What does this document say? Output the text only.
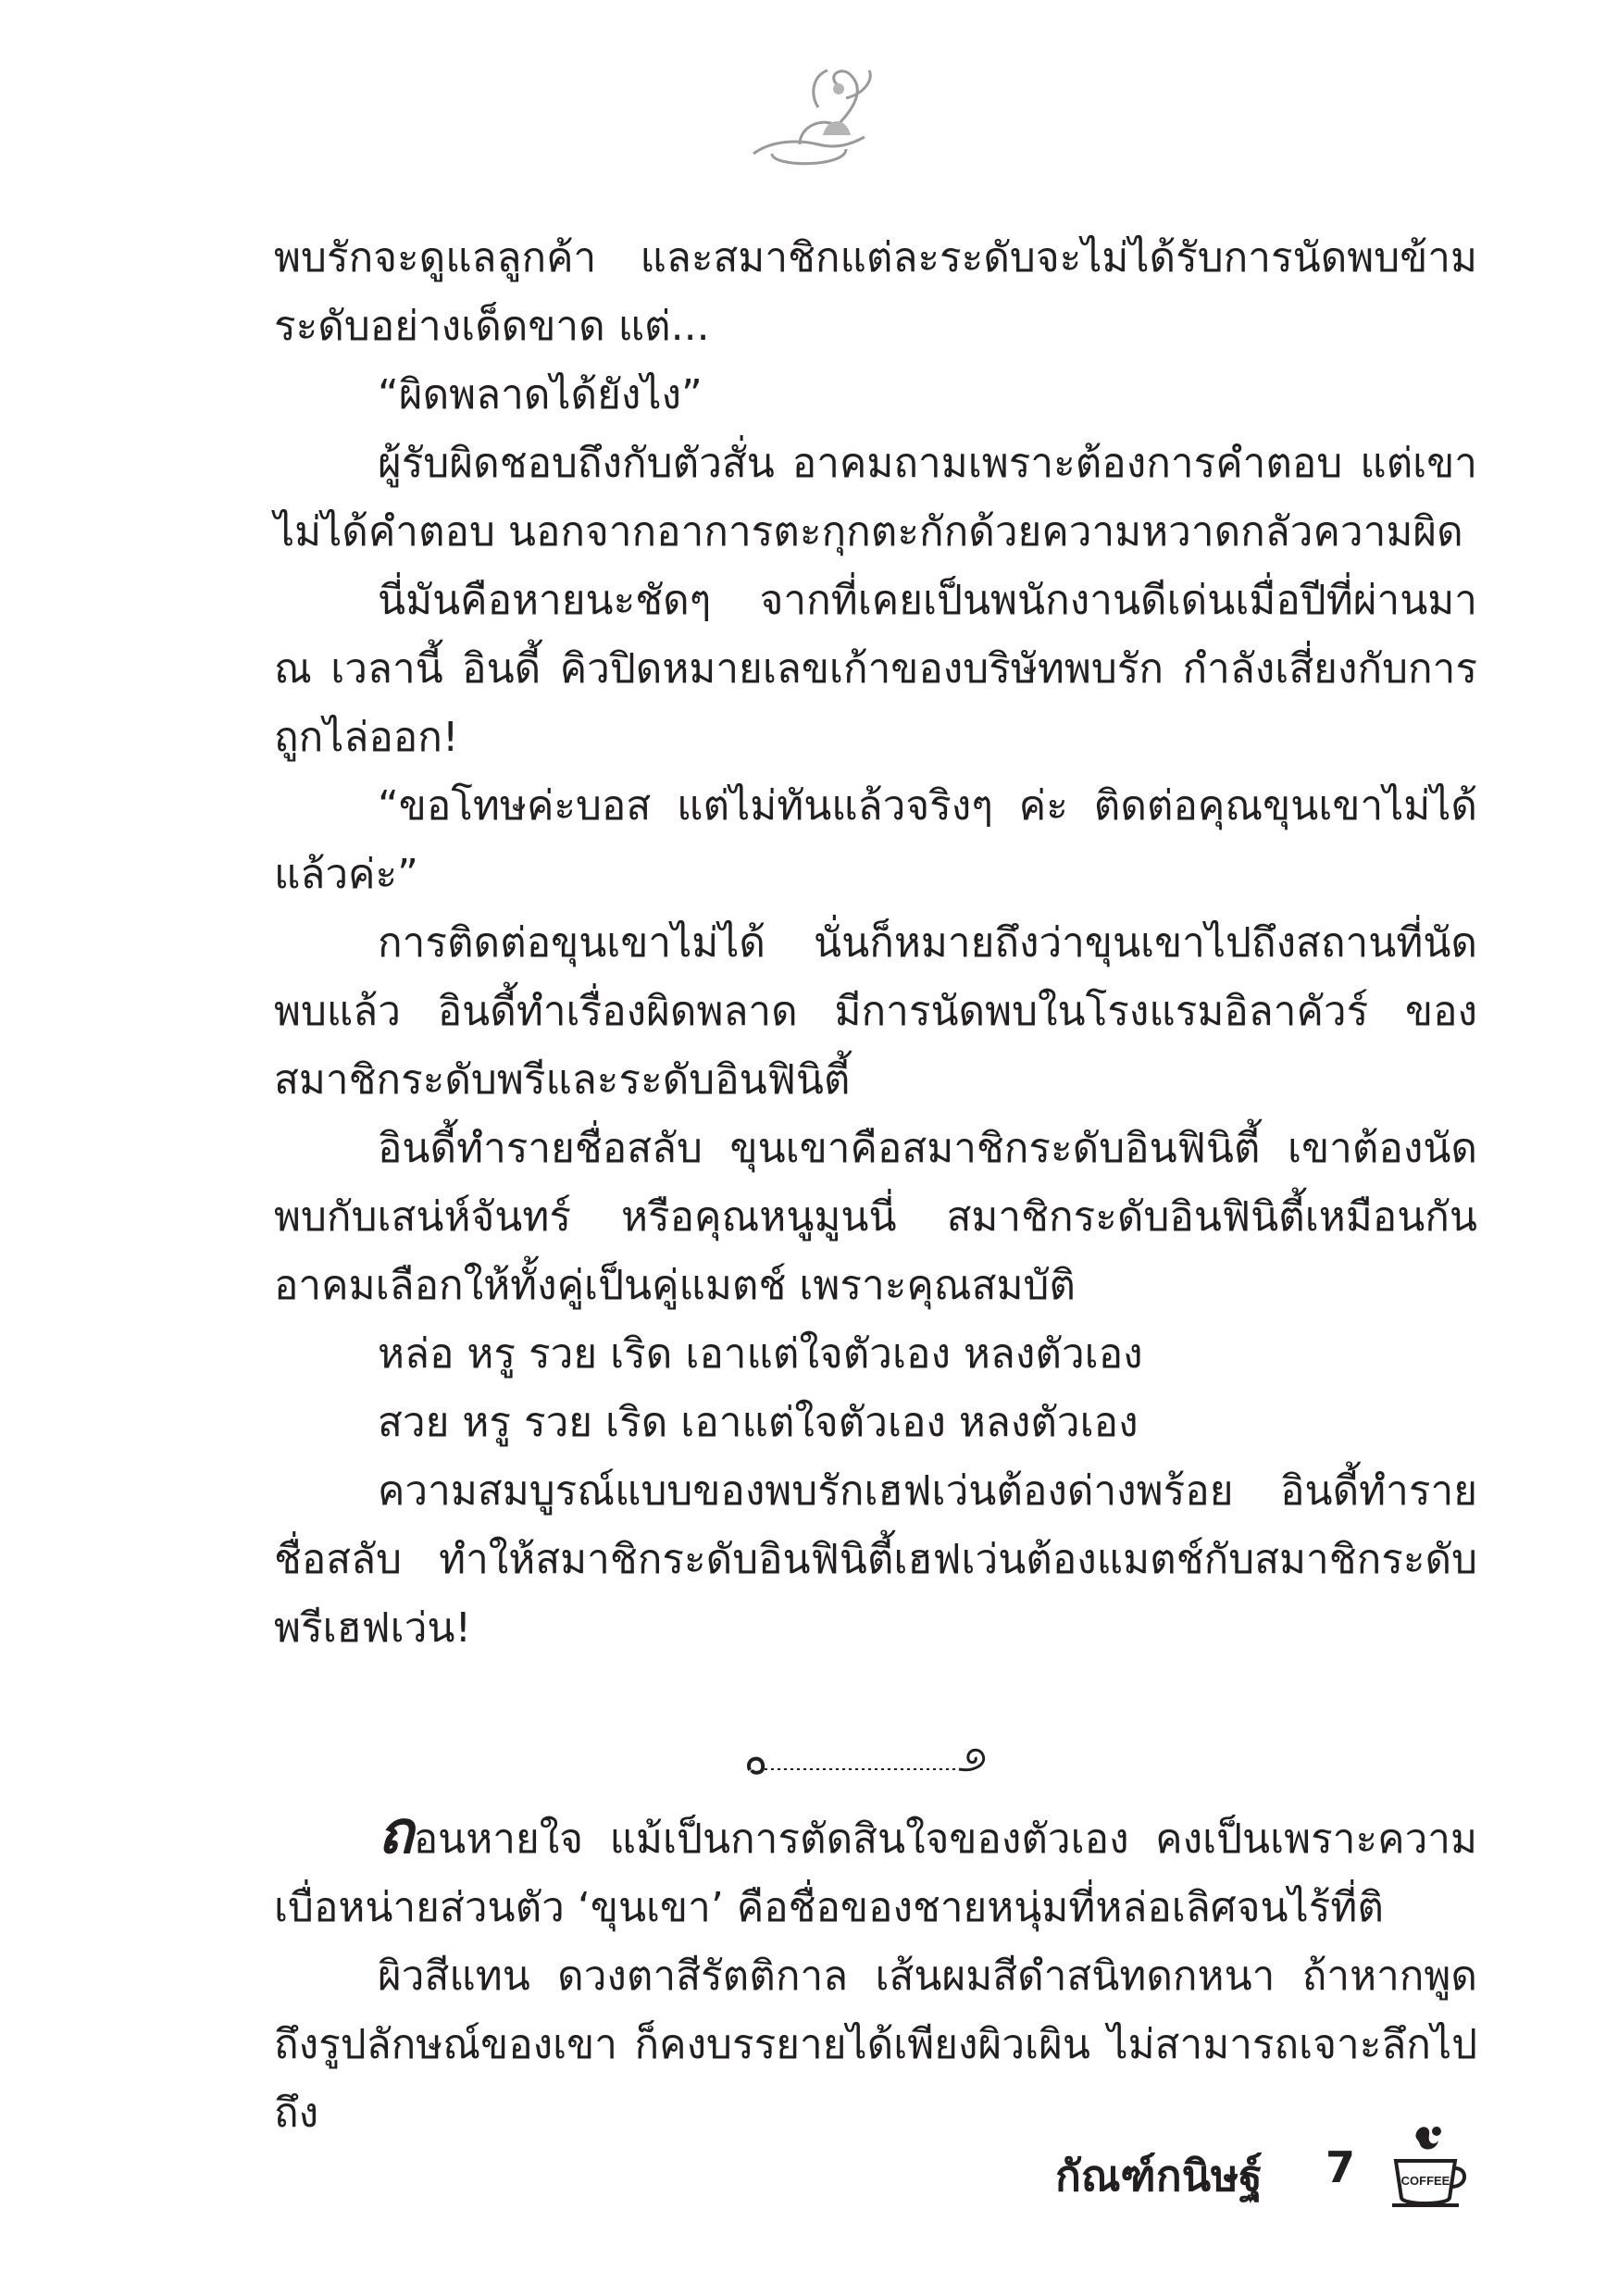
พบรักจะดูแลลูกค้า และสมาชิกแต่ละระดับจะไม่ได้รับการนัดพบข้ามระดับอย่างเด็ดขาด แต่...

“ผิดพลาดได้ยังไง”

ผู้รับผิดชอบถึงกับตัวสั่น อาคมถามเพราะต้องการคำตอบ แต่เขาไม่ได้คำตอบ นอกจากอาการตะกุกตะกักด้วยความหวาดกลัวความผิด

นี่มันคือหายนะชัดๆ จากที่เคยเป็นพนักงานดีเด่นเมื่อปีที่ผ่านมา ณ เวลานี้ อินดี้ คิวปิดหมายเลขเก้าของบริษัทพบรัก กำลังเสี่ยงกับการถูกไล่ออก!

“ขอโทษค่ะบอส แต่ไม่ทันแล้วจริงๆ ค่ะ ติดต่อคุณขุนเขาไม่ได้แล้วค่ะ”

การติดต่อขุนเขาไม่ได้ นั่นก็หมายถึงว่าขุนเขาไปถึงสถานที่นัดพบแล้ว อินดี้ทำเรื่องผิดพลาด มีการนัดพบในโรงแรมอิลาคัวร์ ของสมาชิกระดับพรีและระดับอินฟินิตี้

อินดี้ทำรายชื่อสลับ ขุนเขาคือสมาชิกระดับอินฟินิตี้ เขาต้องนัดพบกับเสน่ห์จันทร์ หรือคุณหนูมูนนี่ สมาชิกระดับอินฟินิตี้เหมือนกัน อาคมเลือกให้ทั้งคู่เป็นคู่แมตช์ เพราะคุณสมบัติ

หล่อ หรู รวย เริด เอาแต่ใจตัวเอง หลงตัวเอง

สวย หรู รวย เริด เอาแต่ใจตัวเอง หลงตัวเอง

ความสมบูรณ์แบบของพบรักเฮฟเว่นต้องด่างพร้อย อินดี้ทำรายชื่อสลับ ทำให้สมาชิกระดับอินฟินิตี้เฮฟเว่นต้องแมตช์กับสมาชิกระดับพรีเฮฟเว่น!

ถอนหายใจ แม้เป็นการตัดสินใจของตัวเอง คงเป็นเพราะความเบื่อหน่ายส่วนตัว ‘ขุนเขา’ คือชื่อของชายหนุ่มที่หล่อเลิศจนไร้ที่ติ

ผิวสีแทน ดวงตาสีรัตติกาล เส้นผมสีดำสนิทดกหนา ถ้าหากพูดถึงรูปลักษณ์ของเขา ก็คงบรรยายได้เพียงผิวเผิน ไม่สามารถเจาะลึกไปถึง

กัณฑ์กนิษฐ์ 7	COFFEE
